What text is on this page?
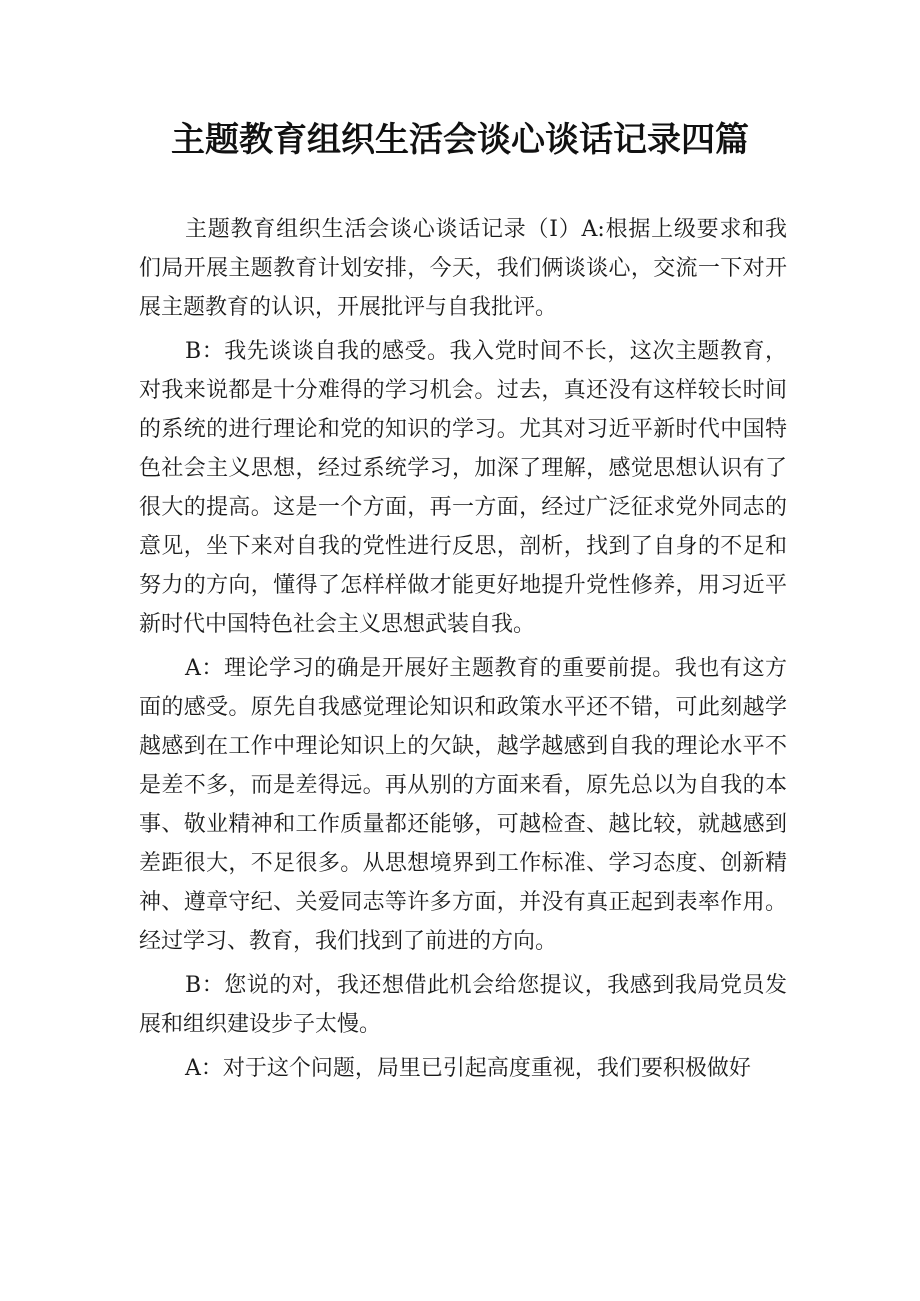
主题教育组织生活会谈心谈话记录四篇

主题教育组织生活会谈心谈话记录（I）A:根据上级要求和我们局开展主题教育计划安排，今天，我们俩谈谈心，交流一下对开展主题教育的认识，开展批评与自我批评。

B：我先谈谈自我的感受。我入党时间不长，这次主题教育，对我来说都是十分难得的学习机会。过去，真还没有这样较长时间的系统的进行理论和党的知识的学习。尤其对习近平新时代中国特色社会主义思想，经过系统学习，加深了理解，感觉思想认识有了很大的提高。这是一个方面，再一方面，经过广泛征求党外同志的意见，坐下来对自我的党性进行反思，剖析，找到了自身的不足和努力的方向，懂得了怎样样做才能更好地提升党性修养，用习近平新时代中国特色社会主义思想武装自我。

A：理论学习的确是开展好主题教育的重要前提。我也有这方面的感受。原先自我感觉理论知识和政策水平还不错，可此刻越学越感到在工作中理论知识上的欠缺，越学越感到自我的理论水平不是差不多，而是差得远。再从别的方面来看，原先总以为自我的本事、敬业精神和工作质量都还能够，可越检查、越比较，就越感到差距很大，不足很多。从思想境界到工作标准、学习态度、创新精神、遵章守纪、关爱同志等许多方面，并没有真正起到表率作用。经过学习、教育，我们找到了前进的方向。

B：您说的对，我还想借此机会给您提议，我感到我局党员发展和组织建设步子太慢。

A：对于这个问题，局里已引起高度重视，我们要积极做好
